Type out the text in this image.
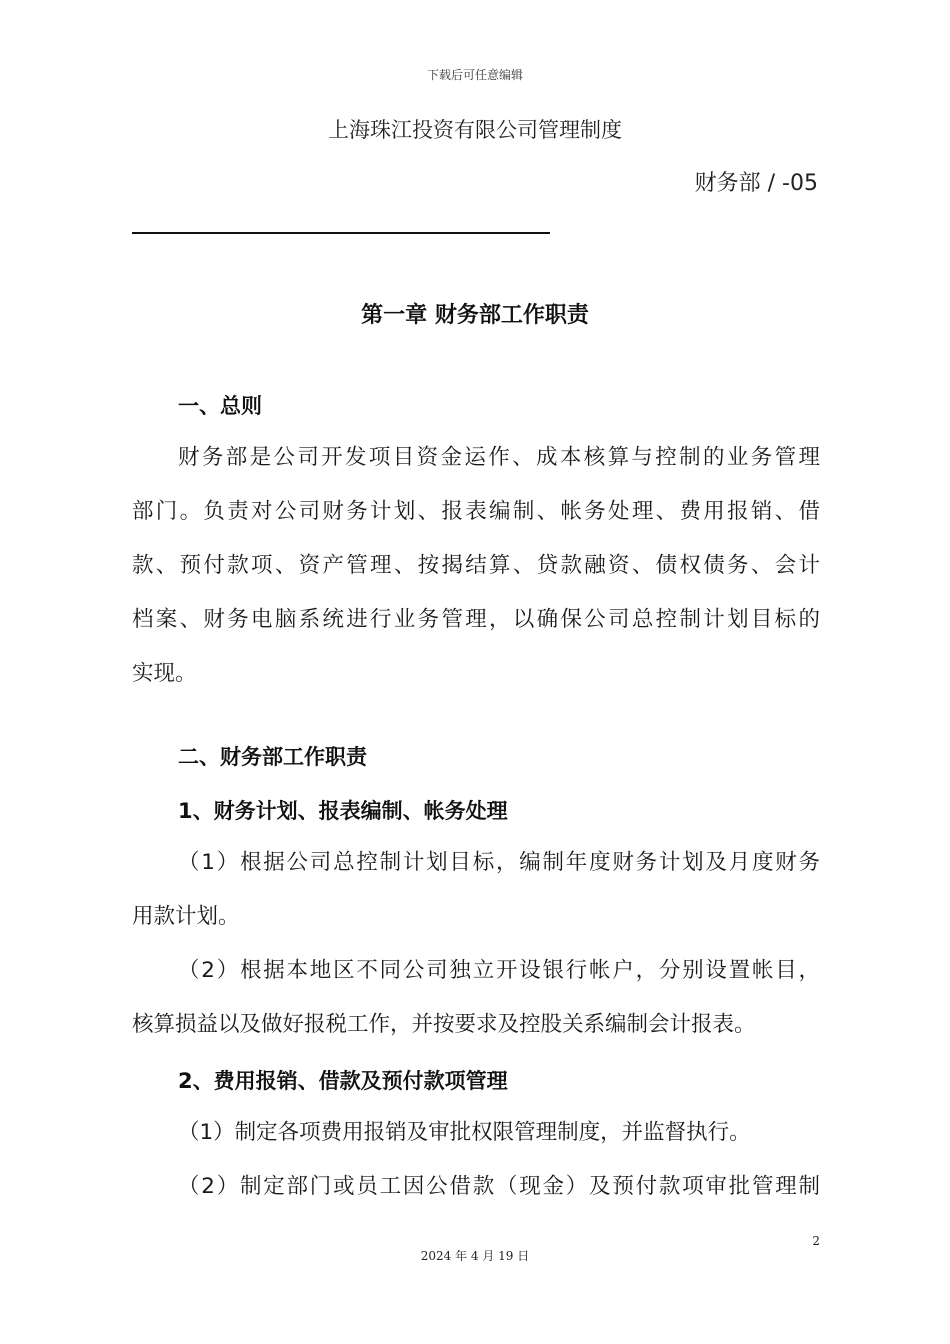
下载后可任意编辑
上海珠江投资有限公司管理制度
财务部 / -05
第一章 财务部工作职责
一、总则
财务部是公司开发项目资金运作、成本核算与控制的业务管理
部门。负责对公司财务计划、报表编制、帐务处理、费用报销、借
款、预付款项、资产管理、按揭结算、贷款融资、债权债务、会计
档案、财务电脑系统进行业务管理，以确保公司总控制计划目标的
实现。
二、财务部工作职责
1、财务计划、报表编制、帐务处理
（1）根据公司总控制计划目标，编制年度财务计划及月度财务
用款计划。
（2）根据本地区不同公司独立开设银行帐户，分别设置帐目，
核算损益以及做好报税工作，并按要求及控股关系编制会计报表。
2、费用报销、借款及预付款项管理
（1）制定各项费用报销及审批权限管理制度，并监督执行。
（2）制定部门或员工因公借款（现金）及预付款项审批管理制
2
2024 年 4 月 19 日
